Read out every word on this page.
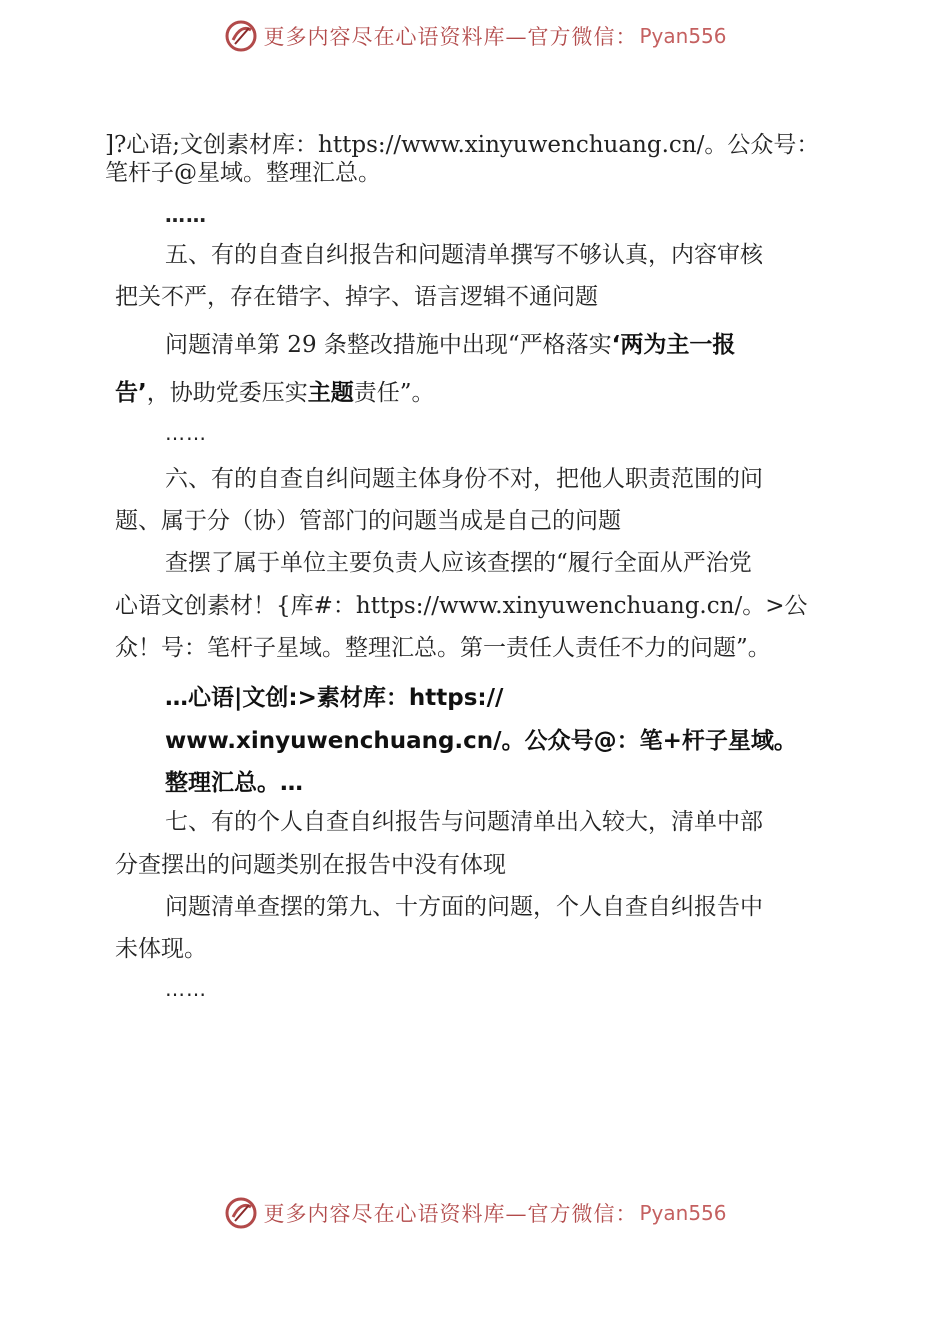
更多内容尽在心语资料库—官方微信： Pyan556
]?心语;文创素材库：https://www.xinyuwenchuang.cn/。公众号：
笔杆子@星域。整理汇总。
……
五、有的自查自纠报告和问题清单撰写不够认真，内容审核
把关不严，存在错字、掉字、语言逻辑不通问题
问题清单第 29 条整改措施中出现“严格落实‘两为主一报
告’，协助党委压实主题责任”。
……
六、有的自查自纠问题主体身份不对，把他人职责范围的问
题、属于分（协）管部门的问题当成是自己的问题
查摆了属于单位主要负责人应该查摆的“履行全面从严治党
心语文创素材！{库#：https://www.xinyuwenchuang.cn/。>公
众！号：笔杆子星域。整理汇总。第一责任人责任不力的问题”。
…心语|文创:>素材库：https://
www.xinyuwenchuang.cn/。公众号@：笔+杆子星域。
整理汇总。…
七、有的个人自查自纠报告与问题清单出入较大，清单中部
分查摆出的问题类别在报告中没有体现
问题清单查摆的第九、十方面的问题，个人自查自纠报告中
未体现。
……
更多内容尽在心语资料库—官方微信： Pyan556
